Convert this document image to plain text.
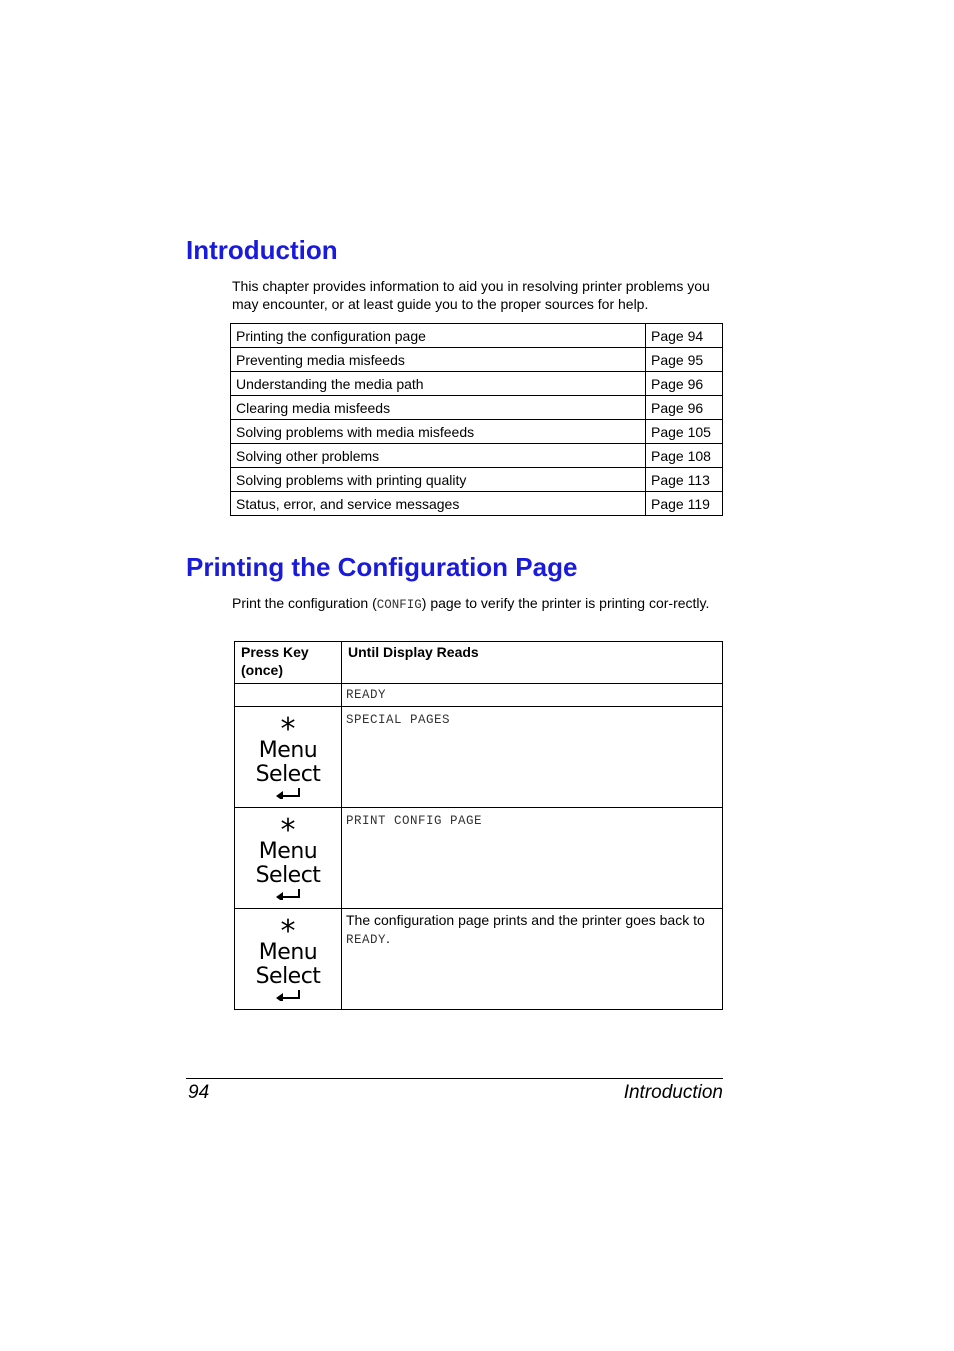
Introduction

This chapter provides information to aid you in resolving printer problems you may encounter, or at least guide you to the proper sources for help.

Printing the configuration page	Page 94
Preventing media misfeeds	Page 95
Understanding the media path	Page 96
Clearing media misfeeds	Page 96
Solving problems with media misfeeds	Page 105
Solving other problems	Page 108
Solving problems with printing quality	Page 113
Status, error, and service messages	Page 119
Printing the Configuration Page

Print the configuration (CONFIG) page to verify the printer is printing cor-rectly.

Press Key (once)	Until Display Reads
	READY

*
Menu
Select	SPECIAL PAGES

*
Menu
Select	PRINT CONFIG PAGE

*
Menu
Select	The configuration page prints and the printer goes back to READY.
94	Introduction
